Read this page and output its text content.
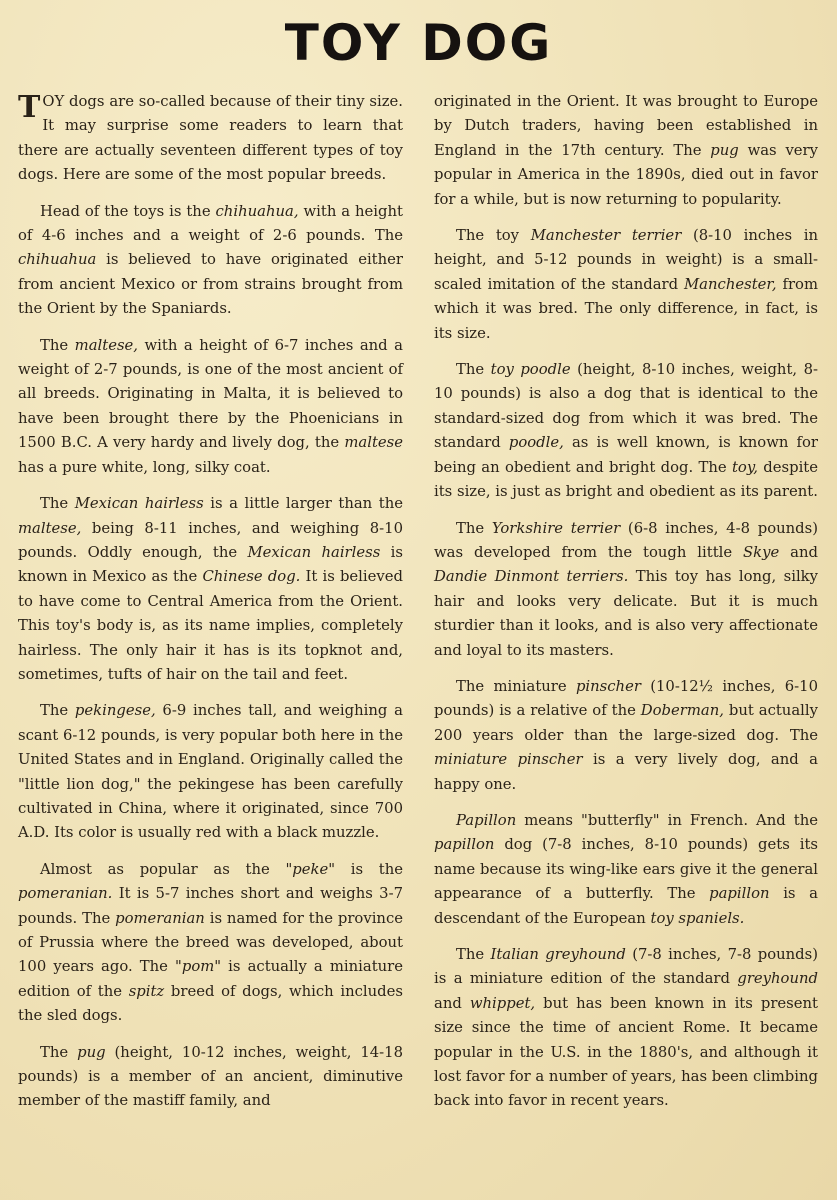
TOY DOG

TOY dogs are so-called because of their tiny size. It may surprise some readers to learn that there are actually seventeen different types of toy dogs. Here are some of the most popular breeds.

Head of the toys is the chihuahua, with a height of 4-6 inches and a weight of 2-6 pounds. The chihuahua is believed to have originated either from ancient Mexico or from strains brought from the Orient by the Spaniards.

The maltese, with a height of 6-7 inches and a weight of 2-7 pounds, is one of the most ancient of all breeds. Originating in Malta, it is believed to have been brought there by the Phoenicians in 1500 B.C. A very hardy and lively dog, the maltese has a pure white, long, silky coat.

The Mexican hairless is a little larger than the maltese, being 8-11 inches, and weighing 8-10 pounds. Oddly enough, the Mexican hairless is known in Mexico as the Chinese dog. It is believed to have come to Central America from the Orient. This toy's body is, as its name implies, completely hairless. The only hair it has is its topknot and, sometimes, tufts of hair on the tail and feet.

The pekingese, 6-9 inches tall, and weighing a scant 6-12 pounds, is very popular both here in the United States and in England. Originally called the "little lion dog," the pekingese has been carefully cultivated in China, where it originated, since 700 A.D. Its color is usually red with a black muzzle.

Almost as popular as the "peke" is the pomeranian. It is 5-7 inches short and weighs 3-7 pounds. The pomeranian is named for the province of Prussia where the breed was developed, about 100 years ago. The "pom" is actually a miniature edition of the spitz breed of dogs, which includes the sled dogs.

The pug (height, 10-12 inches, weight, 14-18 pounds) is a member of an ancient, diminutive member of the mastiff family, and

originated in the Orient. It was brought to Europe by Dutch traders, having been established in England in the 17th century. The pug was very popular in America in the 1890s, died out in favor for a while, but is now returning to popularity.

The toy Manchester terrier (8-10 inches in height, and 5-12 pounds in weight) is a small-scaled imitation of the standard Manchester, from which it was bred. The only difference, in fact, is its size.

The toy poodle (height, 8-10 inches, weight, 8-10 pounds) is also a dog that is identical to the standard-sized dog from which it was bred. The standard poodle, as is well known, is known for being an obedient and bright dog. The toy, despite its size, is just as bright and obedient as its parent.

The Yorkshire terrier (6-8 inches, 4-8 pounds) was developed from the tough little Skye and Dandie Dinmont terriers. This toy has long, silky hair and looks very delicate. But it is much sturdier than it looks, and is also very affectionate and loyal to its masters.

The miniature pinscher (10-12½ inches, 6-10 pounds) is a relative of the Doberman, but actually 200 years older than the large-sized dog. The miniature pinscher is a very lively dog, and a happy one.

Papillon means "butterfly" in French. And the papillon dog (7-8 inches, 8-10 pounds) gets its name because its wing-like ears give it the general appearance of a butterfly. The papillon is a descendant of the European toy spaniels.

The Italian greyhound (7-8 inches, 7-8 pounds) is a miniature edition of the standard greyhound and whippet, but has been known in its present size since the time of ancient Rome. It became popular in the U.S. in the 1880's, and although it lost favor for a number of years, has been climbing back into favor in recent years.
